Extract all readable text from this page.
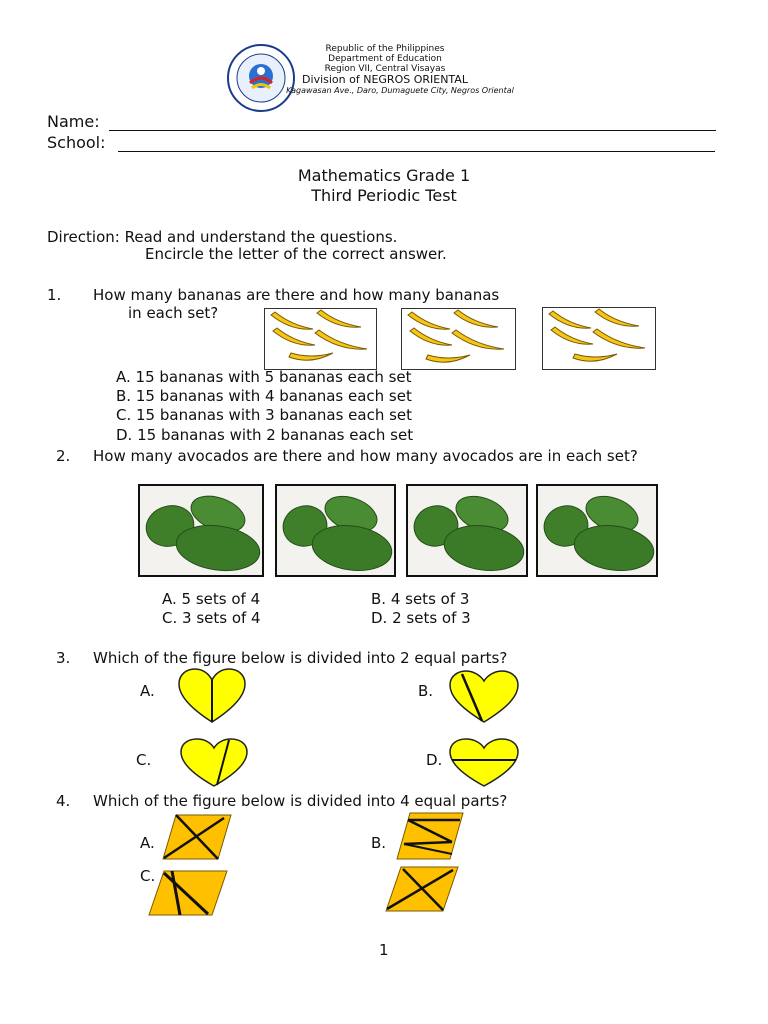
Republic of the Philippines
Department of Education
Region VII, Central Visayas
Division of NEGROS ORIENTAL
Kagawasan Ave., Daro, Dumaguete City, Negros Oriental
Name:
School:
Mathematics Grade 1
Third Periodic Test
Direction: Read and understand the questions.
Encircle the letter of the correct answer.
1. How many bananas are there and how many bananas
in each set?
A. 15 bananas with 5 bananas each set
B. 15 bananas with 4 bananas each set
C. 15 bananas with 3 bananas each set
D. 15 bananas with 2 bananas each set
2. How many avocados are there and how many avocados are in each set?
A. 5 sets of 4	B. 4 sets of 3
C. 3 sets of 4	D. 2 sets of 3
3. Which of the figure below is divided into 2 equal parts?
A.	B.
C.	D.
4. Which of the figure below is divided into 4 equal parts?
A.	B.
C.
1
